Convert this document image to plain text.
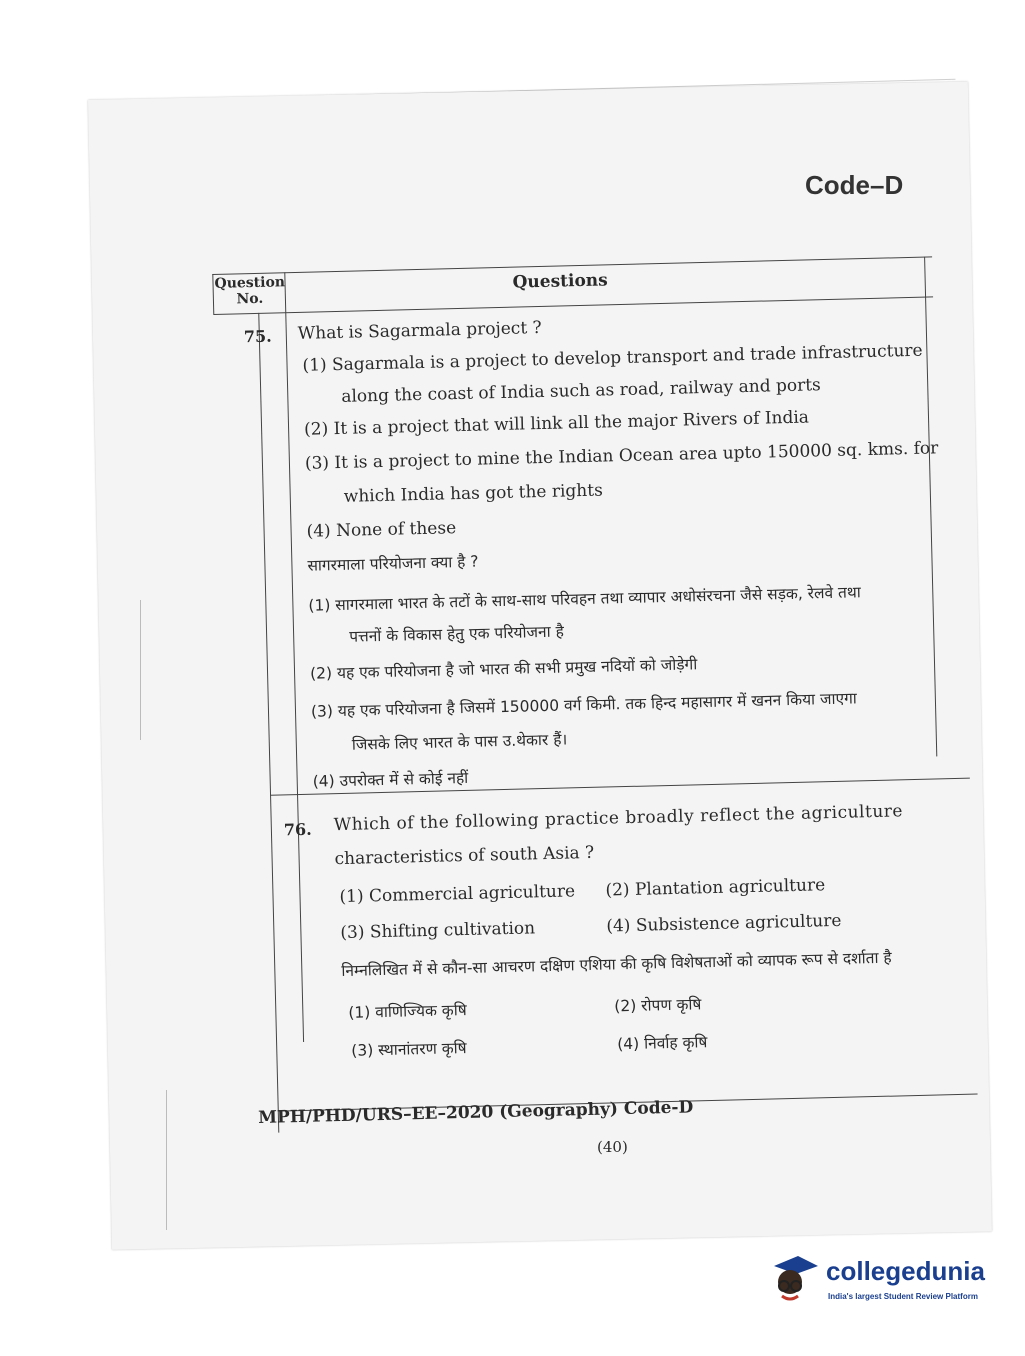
Code–D
Question No.
Questions
75. What is Sagarmala project ?
(1) Sagarmala is a project to develop transport and trade infrastructure
along the coast of India such as road, railway and ports
(2) It is a project that will link all the major Rivers of India
(3) It is a project to mine the Indian Ocean area upto 150000 sq. kms. for
which India has got the rights
(4) None of these
सागरमाला परियोजना क्या है ?
(1) सागरमाला भारत के तटों के साथ-साथ परिवहन तथा व्यापार अधोसंरचना जैसे सड़क, रेलवे तथा
पत्तनों के विकास हेतु एक परियोजना है
(2) यह एक परियोजना है जो भारत की सभी प्रमुख नदियों को जोड़ेगी
(3) यह एक परियोजना है जिसमें 150000 वर्ग किमी. तक हिन्द महासागर में खनन किया जाएगा
जिसके लिए भारत के पास उ.थेकार हैं।
(4) उपरोक्त में से कोई नहीं
76. Which of the following practice broadly reflect the agriculture
characteristics of south Asia ?
(1) Commercial agriculture (2) Plantation agriculture
(3) Shifting cultivation	(4) Subsistence agriculture
निम्नलिखित में से कौन-सा आचरण दक्षिण एशिया की कृषि विशेषताओं को व्यापक रूप से दर्शाता है
(1) वाणिज्यिक कृषि	(2) रोपण कृषि
(3) स्थानांतरण कृषि	(4) निर्वाह कृषि
MPH/PHD/URS–EE–2020 (Geography) Code-D
(40)
collegedunia
India's largest Student Review Platform
